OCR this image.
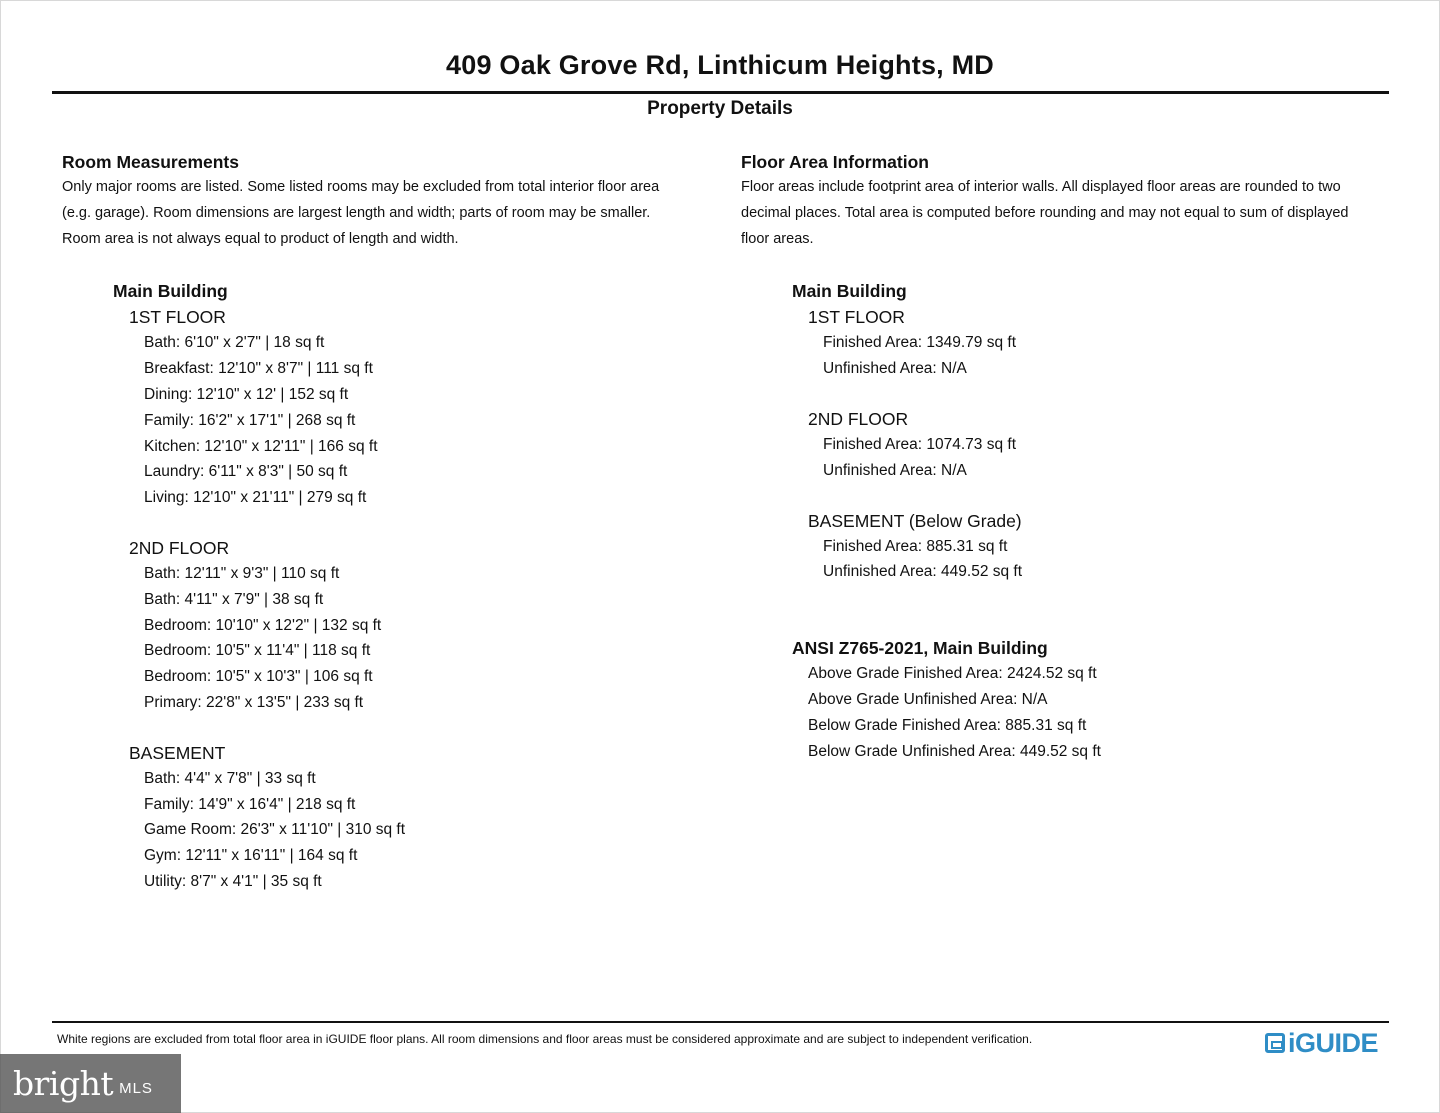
409 Oak Grove Rd, Linthicum Heights, MD
Property Details
Room Measurements
Only major rooms are listed. Some listed rooms may be excluded from total interior floor area
(e.g. garage). Room dimensions are largest length and width; parts of room may be smaller.
Room area is not always equal to product of length and width.
Main Building
1ST FLOOR
Bath: 6'10" x 2'7" | 18 sq ft
Breakfast: 12'10" x 8'7" | 111 sq ft
Dining: 12'10" x 12' | 152 sq ft
Family: 16'2" x 17'1" | 268 sq ft
Kitchen: 12'10" x 12'11" | 166 sq ft
Laundry: 6'11" x 8'3" | 50 sq ft
Living: 12'10" x 21'11" | 279 sq ft
2ND FLOOR
Bath: 12'11" x 9'3" | 110 sq ft
Bath: 4'11" x 7'9" | 38 sq ft
Bedroom: 10'10" x 12'2" | 132 sq ft
Bedroom: 10'5" x 11'4" | 118 sq ft
Bedroom: 10'5" x 10'3" | 106 sq ft
Primary: 22'8" x 13'5" | 233 sq ft
BASEMENT
Bath: 4'4" x 7'8" | 33 sq ft
Family: 14'9" x 16'4" | 218 sq ft
Game Room: 26'3" x 11'10" | 310 sq ft
Gym: 12'11" x 16'11" | 164 sq ft
Utility: 8'7" x 4'1" | 35 sq ft
Floor Area Information
Floor areas include footprint area of interior walls. All displayed floor areas are rounded to two
decimal places. Total area is computed before rounding and may not equal to sum of displayed
floor areas.
Main Building
1ST FLOOR
Finished Area: 1349.79 sq ft
Unfinished Area: N/A
2ND FLOOR
Finished Area: 1074.73 sq ft
Unfinished Area: N/A
BASEMENT (Below Grade)
Finished Area: 885.31 sq ft
Unfinished Area: 449.52 sq ft
ANSI Z765-2021, Main Building
Above Grade Finished Area: 2424.52 sq ft
Above Grade Unfinished Area: N/A
Below Grade Finished Area: 885.31 sq ft
Below Grade Unfinished Area: 449.52 sq ft
White regions are excluded from total floor area in iGUIDE floor plans. All room dimensions and floor areas must be considered approximate and are subject to independent verification.	iGUIDE
bright MLS
